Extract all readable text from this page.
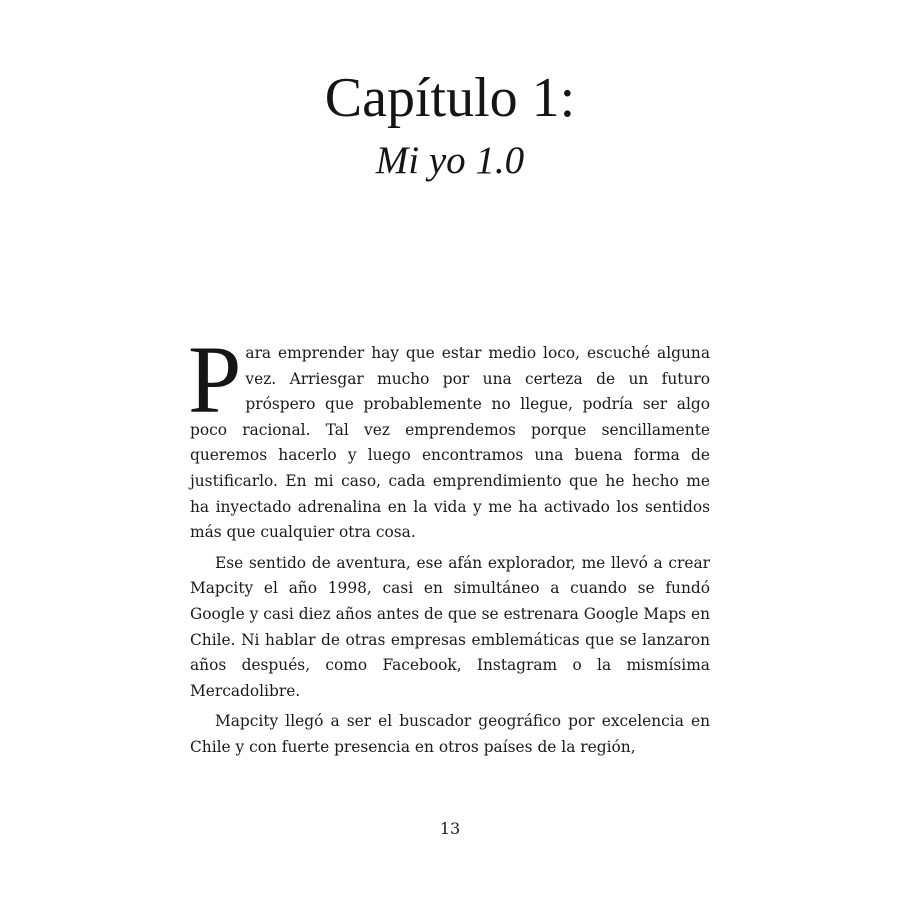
Capítulo 1:
Mi yo 1.0

Para emprender hay que estar medio loco, escuché alguna vez. Arriesgar mucho por una certeza de un futuro próspero que probablemente no llegue, podría ser algo poco racional. Tal vez emprendemos porque sencillamente queremos hacerlo y luego encontramos una buena forma de justificarlo. En mi caso, cada emprendimiento que he hecho me ha inyectado adrenalina en la vida y me ha activado los sentidos más que cualquier otra cosa.

Ese sentido de aventura, ese afán explorador, me llevó a crear Mapcity el año 1998, casi en simultáneo a cuando se fundó Google y casi diez años antes de que se estrenara Google Maps en Chile. Ni hablar de otras empresas emblemáticas que se lanzaron años después, como Facebook, Instagram o la mismísima Mercadolibre.

Mapcity llegó a ser el buscador geográfico por excelencia en Chile y con fuerte presencia en otros países de la región,

13
